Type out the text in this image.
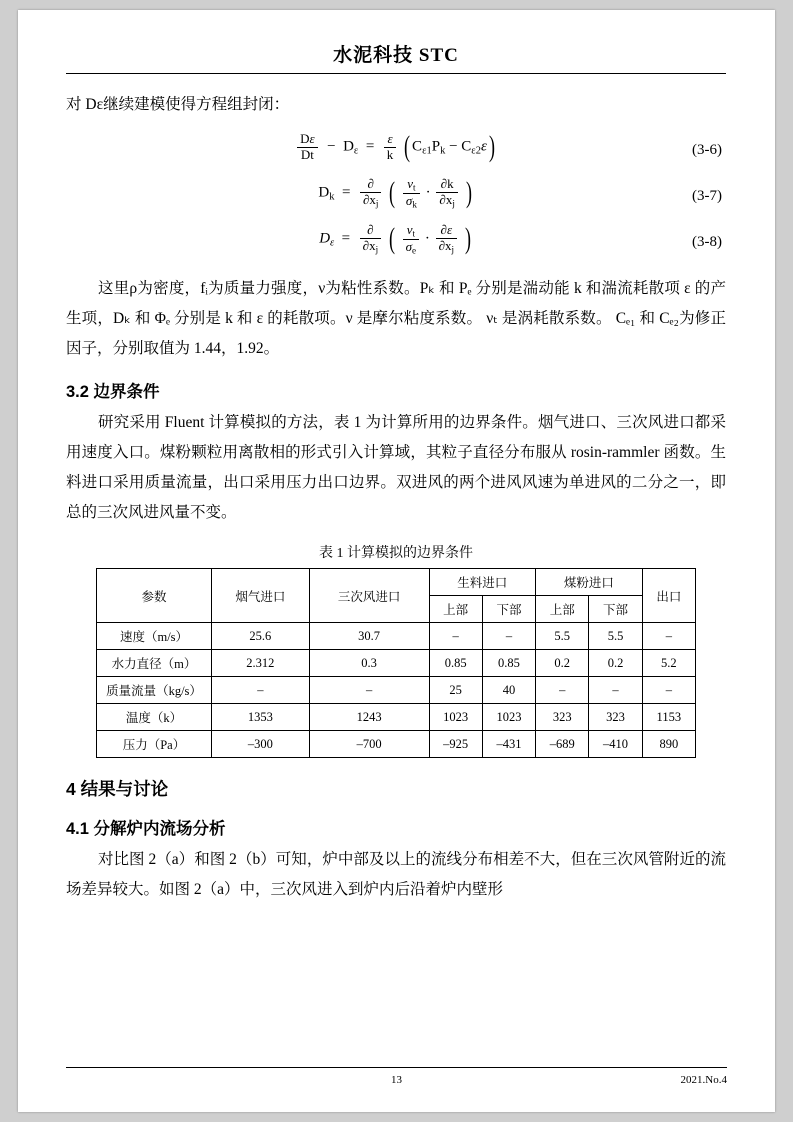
水泥科技 STC

对 Dε继续建模使得方程组封闭：

$\frac{D\varepsilon}{Dt} - D_\varepsilon = \frac{\varepsilon}{k}$ ( $C_{\varepsilon 1}P_k - C_{\varepsilon 2}\varepsilon$)	(3-6)
$D_k = \frac{\partial}{\partial x_j}$ ( $\frac{\nu_t}{\sigma_k} \cdot \frac{\partial k}{\partial x_j}$ )	(3-7)
$D_\varepsilon = \frac{\partial}{\partial x_j}$ ( $\frac{\nu_t}{\sigma_e} \cdot \frac{\partial\varepsilon}{\partial x_j}$ )	(3-8)

这里ρ为密度，fᵢ为质量力强度，ν为粘性系数。Pₖ 和 Pₑ 分别是湍动能 k 和湍流耗散项 ε 的产生项，Dₖ 和 Φₑ 分别是 k 和 ε 的耗散项。ν 是摩尔粘度系数。 νₜ 是涡耗散系数。 Cₑ₁ 和 Cₑ₂为修正因子，分别取值为 1.44，1.92。

3.2 边界条件

研究采用 Fluent 计算模拟的方法，表 1 为计算所用的边界条件。烟气进口、三次风进口都采用速度入口。煤粉颗粒用离散相的形式引入计算域，其粒子直径分布服从 rosin-rammler 函数。生料进口采用质量流量，出口采用压力出口边界。双进风的两个进风风速为单进风的二分之一，即总的三次风进风量不变。

表 1 计算模拟的边界条件
参数	烟气进口	三次风进口	生料进口		煤粉进口		出口
			上部	下部	上部	下部	
速度（m/s）	25.6	30.7	–	–	5.5	5.5	–
水力直径（m）	2.312	0.3	0.85	0.85	0.2	0.2	5.2
质量流量（kg/s）	–	–	25	40	–	–	–
温度（k）	1353	1243	1023	1023	323	323	1153
压力（Pa）	–300	–700	–925	–431	–689	–410	890
4 结果与讨论
4.1 分解炉内流场分析

对比图 2（a）和图 2（b）可知，炉中部及以上的流线分布相差不大，但在三次风管附近的流场差异较大。如图 2（a）中，三次风进入到炉内后沿着炉内壁形

13	2021.No.4
